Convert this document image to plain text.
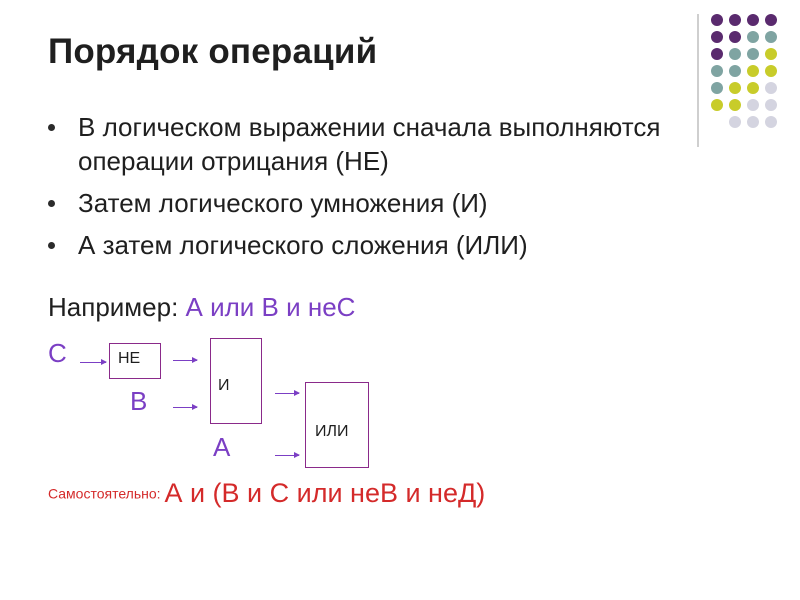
Порядок операций
В логическом выражении сначала выполняются операции отрицания (НЕ)
Затем логического умножения (И)
А затем логического сложения (ИЛИ)
Например: А или В и неС
С	НЕ
В
И
А
ИЛИ
Самостоятельно: А и (В и С или неВ и неД)
